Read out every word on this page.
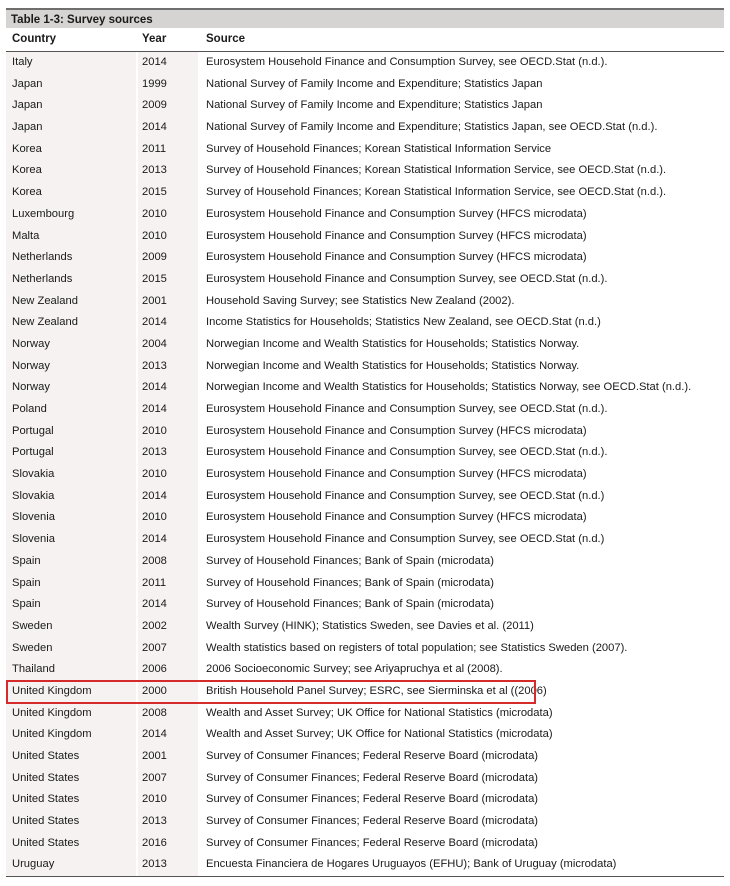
Table 1-3: Survey sources
Country	Year	Source
Italy	2014	Eurosystem Household Finance and Consumption Survey, see OECD.Stat (n.d.).
Japan	1999	National Survey of Family Income and Expenditure; Statistics Japan
Japan	2009	National Survey of Family Income and Expenditure; Statistics Japan
Japan	2014	National Survey of Family Income and Expenditure; Statistics Japan, see OECD.Stat (n.d.).
Korea	2011	Survey of Household Finances; Korean Statistical Information Service
Korea	2013	Survey of Household Finances; Korean Statistical Information Service, see OECD.Stat (n.d.).
Korea	2015	Survey of Household Finances; Korean Statistical Information Service, see OECD.Stat (n.d.).
Luxembourg	2010	Eurosystem Household Finance and Consumption Survey (HFCS microdata)
Malta	2010	Eurosystem Household Finance and Consumption Survey (HFCS microdata)
Netherlands	2009	Eurosystem Household Finance and Consumption Survey (HFCS microdata)
Netherlands	2015	Eurosystem Household Finance and Consumption Survey, see OECD.Stat (n.d.).
New Zealand	2001	Household Saving Survey; see Statistics New Zealand (2002).
New Zealand	2014	Income Statistics for Households; Statistics New Zealand, see OECD.Stat (n.d.)
Norway	2004	Norwegian Income and Wealth Statistics for Households; Statistics Norway.
Norway	2013	Norwegian Income and Wealth Statistics for Households; Statistics Norway.
Norway	2014	Norwegian Income and Wealth Statistics for Households; Statistics Norway, see OECD.Stat (n.d.).
Poland	2014	Eurosystem Household Finance and Consumption Survey, see OECD.Stat (n.d.).
Portugal	2010	Eurosystem Household Finance and Consumption Survey (HFCS microdata)
Portugal	2013	Eurosystem Household Finance and Consumption Survey, see OECD.Stat (n.d.).
Slovakia	2010	Eurosystem Household Finance and Consumption Survey (HFCS microdata)
Slovakia	2014	Eurosystem Household Finance and Consumption Survey, see OECD.Stat (n.d.)
Slovenia	2010	Eurosystem Household Finance and Consumption Survey (HFCS microdata)
Slovenia	2014	Eurosystem Household Finance and Consumption Survey, see OECD.Stat (n.d.)
Spain	2008	Survey of Household Finances; Bank of Spain (microdata)
Spain	2011	Survey of Household Finances; Bank of Spain (microdata)
Spain	2014	Survey of Household Finances; Bank of Spain (microdata)
Sweden	2002	Wealth Survey (HINK); Statistics Sweden, see Davies et al. (2011)
Sweden	2007	Wealth statistics based on registers of total population; see Statistics Sweden (2007).
Thailand	2006	2006 Socioeconomic Survey; see Ariyapruchya et al (2008).
United Kingdom	2000	British Household Panel Survey; ESRC, see Sierminska et al ((2006)
United Kingdom	2008	Wealth and Asset Survey; UK Office for National Statistics (microdata)
United Kingdom	2014	Wealth and Asset Survey; UK Office for National Statistics (microdata)
United States	2001	Survey of Consumer Finances; Federal Reserve Board (microdata)
United States	2007	Survey of Consumer Finances; Federal Reserve Board (microdata)
United States	2010	Survey of Consumer Finances; Federal Reserve Board (microdata)
United States	2013	Survey of Consumer Finances; Federal Reserve Board (microdata)
United States	2016	Survey of Consumer Finances; Federal Reserve Board (microdata)
Uruguay	2013	Encuesta Financiera de Hogares Uruguayos (EFHU); Bank of Uruguay (microdata)
